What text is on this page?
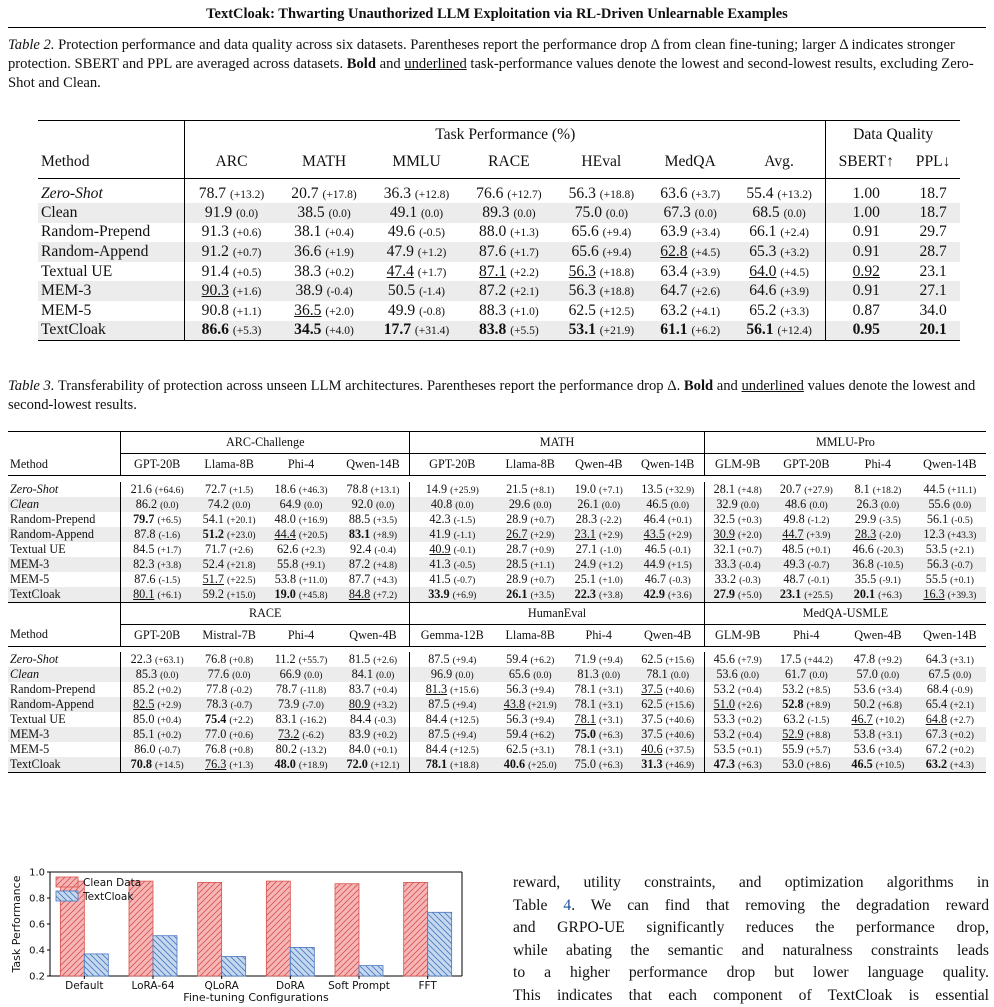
TextCloak: Thwarting Unauthorized LLM Exploitation via RL-Driven Unlearnable Examples
Table 2. Protection performance and data quality across six datasets. Parentheses report the performance drop Δ from clean fine-tuning; larger Δ indicates stronger protection. SBERT and PPL are averaged across datasets. Bold and underlined task-performance values denote the lowest and second-lowest results, excluding Zero-Shot and Clean.
	Task Performance (%)							Data Quality	
Method	ARC	MATH	MMLU	RACE	HEval	MedQA	Avg.	SBERT↑	PPL↓
Zero-Shot	78.7 (+13.2)	20.7 (+17.8)	36.3 (+12.8)	76.6 (+12.7)	56.3 (+18.8)	63.6 (+3.7)	55.4 (+13.2)	1.00	18.7
Clean	91.9 (0.0)	38.5 (0.0)	49.1 (0.0)	89.3 (0.0)	75.0 (0.0)	67.3 (0.0)	68.5 (0.0)	1.00	18.7
Random-Prepend	91.3 (+0.6)	38.1 (+0.4)	49.6 (-0.5)	88.0 (+1.3)	65.6 (+9.4)	63.9 (+3.4)	66.1 (+2.4)	0.91	29.7
Random-Append	91.2 (+0.7)	36.6 (+1.9)	47.9 (+1.2)	87.6 (+1.7)	65.6 (+9.4)	62.8 (+4.5)	65.3 (+3.2)	0.91	28.7
Textual UE	91.4 (+0.5)	38.3 (+0.2)	47.4 (+1.7)	87.1 (+2.2)	56.3 (+18.8)	63.4 (+3.9)	64.0 (+4.5)	0.92	23.1
MEM-3	90.3 (+1.6)	38.9 (-0.4)	50.5 (-1.4)	87.2 (+2.1)	56.3 (+18.8)	64.7 (+2.6)	64.6 (+3.9)	0.91	27.1
MEM-5	90.8 (+1.1)	36.5 (+2.0)	49.9 (-0.8)	88.3 (+1.0)	62.5 (+12.5)	63.2 (+4.1)	65.2 (+3.3)	0.87	34.0
TextCloak	86.6 (+5.3)	34.5 (+4.0)	17.7 (+31.4)	83.8 (+5.5)	53.1 (+21.9)	61.1 (+6.2)	56.1 (+12.4)	0.95	20.1
Table 3. Transferability of protection across unseen LLM architectures. Parentheses report the performance drop Δ. Bold and underlined values denote the lowest and second-lowest results.
	ARC-Challenge				MATH				MMLU-Pro			
Method	GPT-20B	Llama-8B	Phi-4	Qwen-14B	GPT-20B	Llama-8B	Qwen-4B	Qwen-14B	GLM-9B	GPT-20B	Phi-4	Qwen-14B

Zero-Shot	21.6 (+64.6)	72.7 (+1.5)	18.6 (+46.3)	78.8 (+13.1)	14.9 (+25.9)	21.5 (+8.1)	19.0 (+7.1)	13.5 (+32.9)	28.1 (+4.8)	20.7 (+27.9)	8.1 (+18.2)	44.5 (+11.1)
Clean	86.2 (0.0)	74.2 (0.0)	64.9 (0.0)	92.0 (0.0)	40.8 (0.0)	29.6 (0.0)	26.1 (0.0)	46.5 (0.0)	32.9 (0.0)	48.6 (0.0)	26.3 (0.0)	55.6 (0.0)
Random-Prepend	79.7 (+6.5)	54.1 (+20.1)	48.0 (+16.9)	88.5 (+3.5)	42.3 (-1.5)	28.9 (+0.7)	28.3 (-2.2)	46.4 (+0.1)	32.5 (+0.3)	49.8 (-1.2)	29.9 (-3.5)	56.1 (-0.5)
Random-Append	87.8 (-1.6)	51.2 (+23.0)	44.4 (+20.5)	83.1 (+8.9)	41.9 (-1.1)	26.7 (+2.9)	23.1 (+2.9)	43.5 (+2.9)	30.9 (+2.0)	44.7 (+3.9)	28.3 (-2.0)	12.3 (+43.3)
Textual UE	84.5 (+1.7)	71.7 (+2.6)	62.6 (+2.3)	92.4 (-0.4)	40.9 (-0.1)	28.7 (+0.9)	27.1 (-1.0)	46.5 (-0.1)	32.1 (+0.7)	48.5 (+0.1)	46.6 (-20.3)	53.5 (+2.1)
MEM-3	82.3 (+3.8)	52.4 (+21.8)	55.8 (+9.1)	87.2 (+4.8)	41.3 (-0.5)	28.5 (+1.1)	24.9 (+1.2)	44.9 (+1.5)	33.3 (-0.4)	49.3 (-0.7)	36.8 (-10.5)	56.3 (-0.7)
MEM-5	87.6 (-1.5)	51.7 (+22.5)	53.8 (+11.0)	87.7 (+4.3)	41.5 (-0.7)	28.9 (+0.7)	25.1 (+1.0)	46.7 (-0.3)	33.2 (-0.3)	48.7 (-0.1)	35.5 (-9.1)	55.5 (+0.1)
TextCloak	80.1 (+6.1)	59.2 (+15.0)	19.0 (+45.8)	84.8 (+7.2)	33.9 (+6.9)	26.1 (+3.5)	22.3 (+3.8)	42.9 (+3.6)	27.9 (+5.0)	23.1 (+25.5)	20.1 (+6.3)	16.3 (+39.3)
	RACE				HumanEval				MedQA-USMLE			
Method	GPT-20B	Mistral-7B	Phi-4	Qwen-4B	Gemma-12B	Llama-8B	Phi-4	Qwen-4B	GLM-9B	Phi-4	Qwen-4B	Qwen-14B

Zero-Shot	22.3 (+63.1)	76.8 (+0.8)	11.2 (+55.7)	81.5 (+2.6)	87.5 (+9.4)	59.4 (+6.2)	71.9 (+9.4)	62.5 (+15.6)	45.6 (+7.9)	17.5 (+44.2)	47.8 (+9.2)	64.3 (+3.1)
Clean	85.3 (0.0)	77.6 (0.0)	66.9 (0.0)	84.1 (0.0)	96.9 (0.0)	65.6 (0.0)	81.3 (0.0)	78.1 (0.0)	53.6 (0.0)	61.7 (0.0)	57.0 (0.0)	67.5 (0.0)
Random-Prepend	85.2 (+0.2)	77.8 (-0.2)	78.7 (-11.8)	83.7 (+0.4)	81.3 (+15.6)	56.3 (+9.4)	78.1 (+3.1)	37.5 (+40.6)	53.2 (+0.4)	53.2 (+8.5)	53.6 (+3.4)	68.4 (-0.9)
Random-Append	82.5 (+2.9)	78.3 (-0.7)	73.9 (-7.0)	80.9 (+3.2)	87.5 (+9.4)	43.8 (+21.9)	78.1 (+3.1)	62.5 (+15.6)	51.0 (+2.6)	52.8 (+8.9)	50.2 (+6.8)	65.4 (+2.1)
Textual UE	85.0 (+0.4)	75.4 (+2.2)	83.1 (-16.2)	84.4 (-0.3)	84.4 (+12.5)	56.3 (+9.4)	78.1 (+3.1)	37.5 (+40.6)	53.3 (+0.2)	63.2 (-1.5)	46.7 (+10.2)	64.8 (+2.7)
MEM-3	85.1 (+0.2)	77.0 (+0.6)	73.2 (-6.2)	83.9 (+0.2)	87.5 (+9.4)	59.4 (+6.2)	75.0 (+6.3)	37.5 (+40.6)	53.2 (+0.4)	52.9 (+8.8)	53.8 (+3.1)	67.3 (+0.2)
MEM-5	86.0 (-0.7)	76.8 (+0.8)	80.2 (-13.2)	84.0 (+0.1)	84.4 (+12.5)	62.5 (+3.1)	78.1 (+3.1)	40.6 (+37.5)	53.5 (+0.1)	55.9 (+5.7)	53.6 (+3.4)	67.2 (+0.2)
TextCloak	70.8 (+14.5)	76.3 (+1.3)	48.0 (+18.9)	72.0 (+12.1)	78.1 (+18.8)	40.6 (+25.0)	75.0 (+6.3)	31.3 (+46.9)	47.3 (+6.3)	53.0 (+8.6)	46.5 (+10.5)	63.2 (+4.3)
0.2
0.4
0.6
0.8
1.0
Default	LoRA-64	QLoRA	DoRA Soft Prompt	FFT
Fine-tuning Configurations
Task Performance	Clean Data
TextCloak
reward, utility constraints, and optimization algorithms in
Table 4. We can find that removing the degradation reward
and GRPO-UE significantly reduces the performance drop,
while abating the semantic and naturalness constraints leads
to a higher performance drop but lower language quality.
This indicates that each component of TextCloak is essential
